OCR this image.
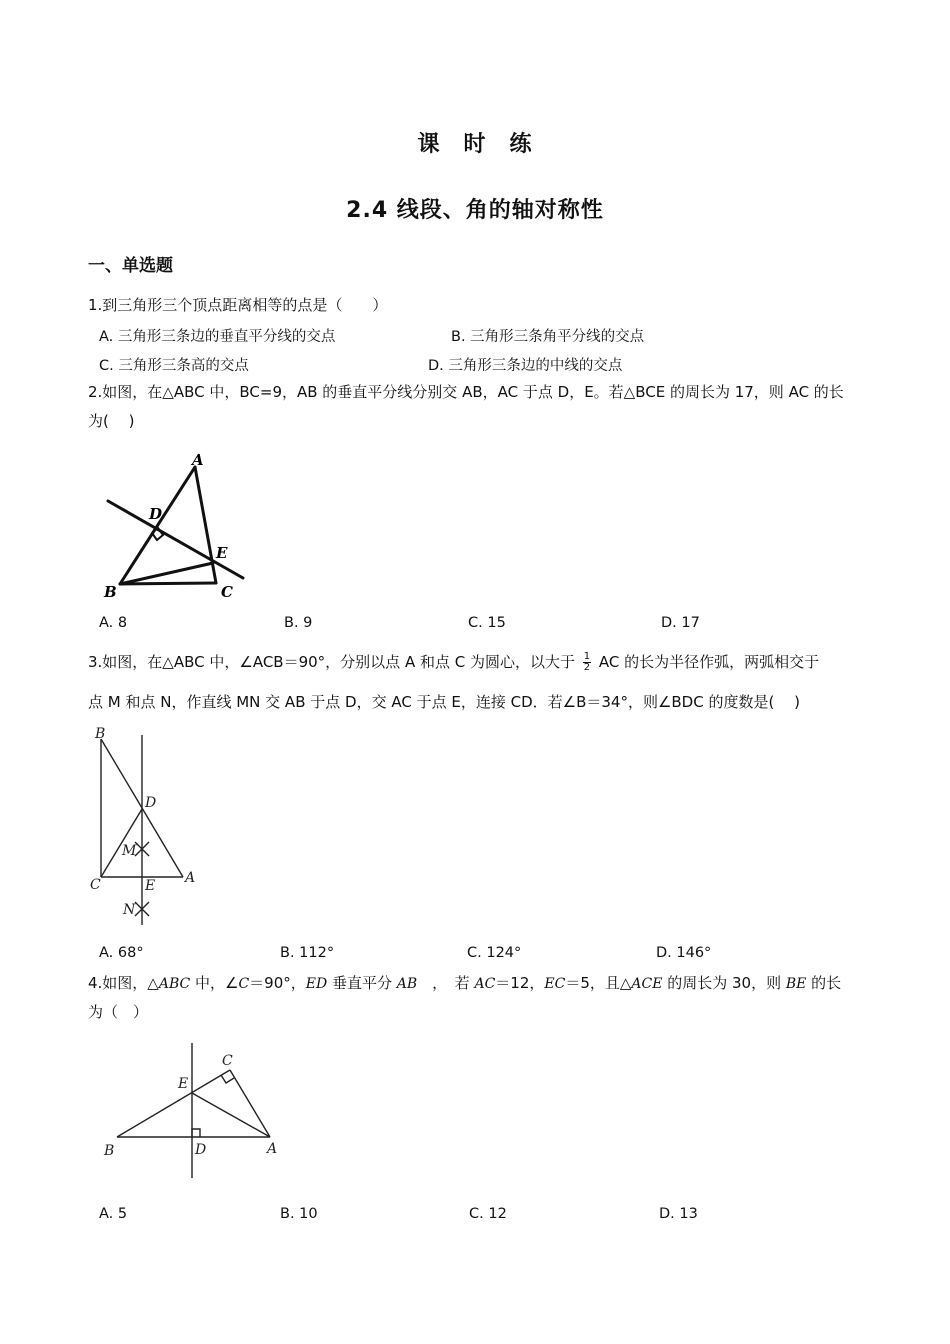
课　时　练
2.4 线段、角的轴对称性
一、单选题
1.到三角形三个顶点距离相等的点是（　　）
A. 三角形三条边的垂直平分线的交点	B. 三角形三条角平分线的交点
C. 三角形三条高的交点	D. 三角形三条边的中线的交点
2.如图，在△ABC 中，BC=9，AB 的垂直平分线分别交 AB，AC 于点 D，E。若△BCE 的周长为 17，则 AC 的长
为(　 )
A
D
E
B	C
A. 8	B. 9	C. 15	D. 17
3.如图，在△ABC 中，∠ACB＝90°，分别以点 A 和点 C 为圆心，以大于 $\frac{1}{2}$ AC 的长为半径作弧，两弧相交于
点 M 和点 N，作直线 MN 交 AB 于点 D，交 AC 于点 E，连接 CD．若∠B＝34°，则∠BDC 的度数是(　 )
B
D
M
C	E A
N
A. 68°	B. 112°	C. 124°	D. 146°
4.如图，△ABC 中，∠C＝90°，ED 垂直平分 AB　，　若 AC＝12，EC＝5，且△ACE 的周长为 30，则 BE 的长
为（　）
C
E
B	D	A
A. 5	B. 10	C. 12	D. 13
